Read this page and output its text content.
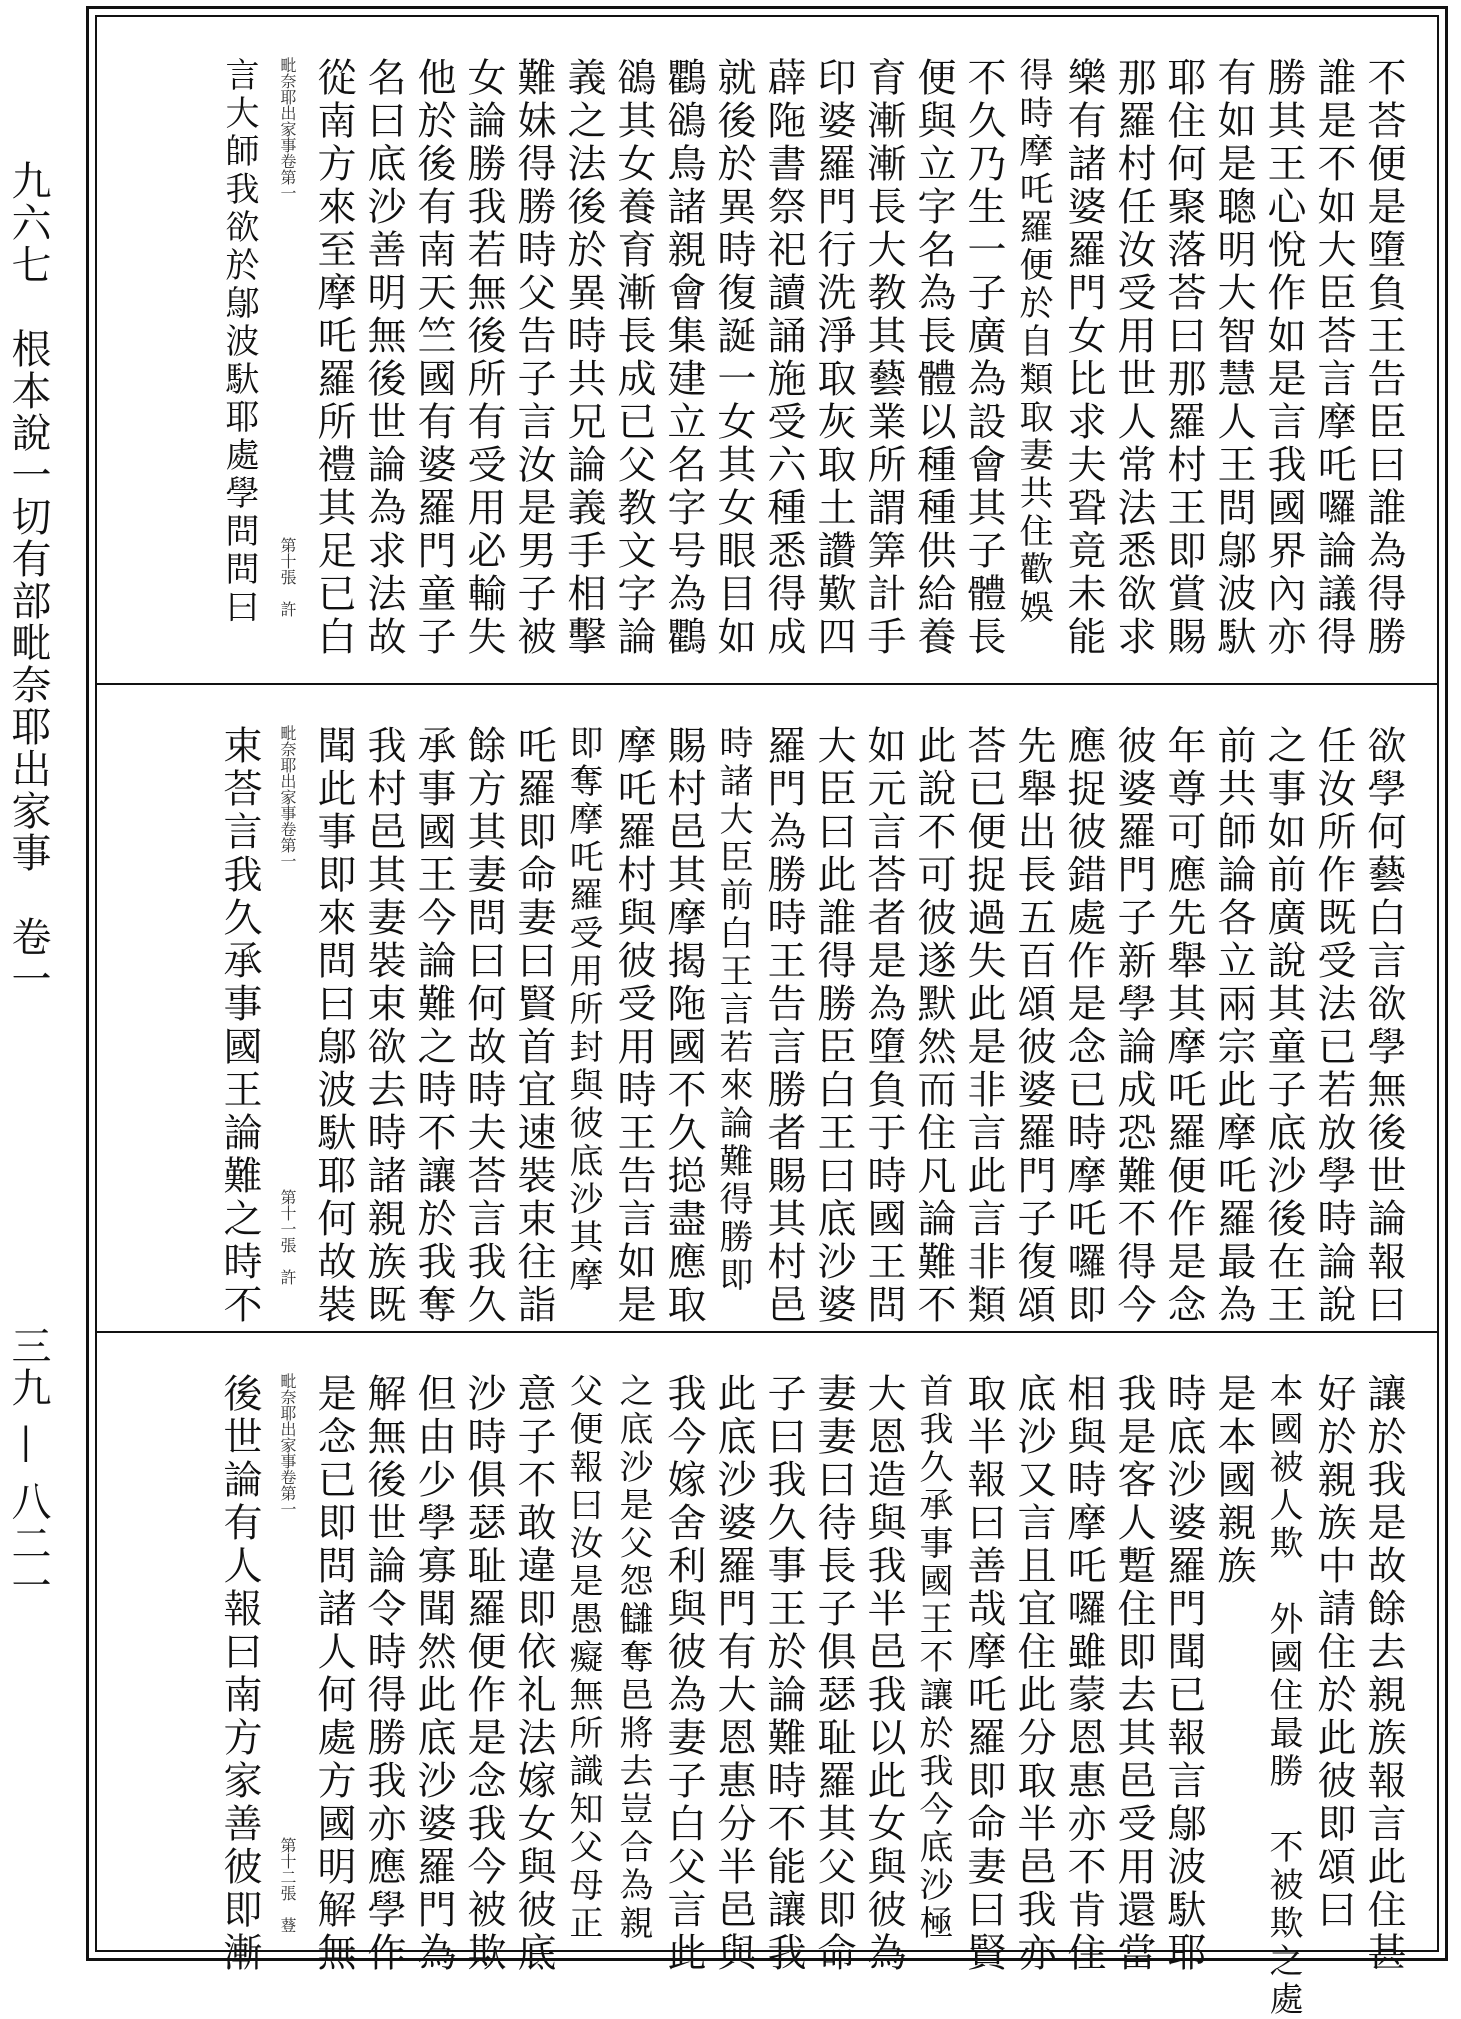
九六七　根本說一切有部毗奈耶出家事　卷一
三九 — 八二一
不荅便是墮負王告臣曰誰為得勝
誰是不如大臣荅言摩吒囉論議得
勝其王心悅作如是言我國界內亦
有如是聰明大智慧人王問鄔波馱
耶住何聚落荅曰那羅村王即賞賜
那羅村任汝受用世人常法悉欲求
樂有諸婆羅門女比求夫聓竟未能
得時摩吒羅便於自類取妻共住歡娛
不久乃生一子廣為設會其子體長
便與立字名為長體以種種供給養
育漸漸長大教其藝業所謂筭計手
印婆羅門行洗淨取灰取土讚歎四
薜陁書祭祀讀誦施受六種悉得成
就後於異時復誕一女其女眼目如
鸜鵒鳥諸親會集建立名字号為鸜
鵒其女養育漸長成已父教文字論
義之法後於異時共兄論義手相擊
難妹得勝時父告子言汝是男子被
女論勝我若無後所有受用必輸失
他於後有南天竺國有婆羅門童子
名曰底沙善明無後世論為求法故
從南方來至摩吒羅所禮其足已白
毗奈耶出家事卷第一
第十張　許
言大師我欲於鄔波馱耶處學問問曰
欲學何藝白言欲學無後世論報曰
任汝所作既受法已若放學時論說
之事如前廣說其童子底沙後在王
前共師論各立兩宗此摩吒羅最為
年尊可應先舉其摩吒羅便作是念
彼婆羅門子新學論成恐難不得今
應捉彼錯處作是念已時摩吒囉即
先舉出長五百頌彼婆羅門子復頌
荅已便捉過失此是非言此言非類
此說不可彼遂默然而住凡論難不
如元言荅者是為墮負于時國王問
大臣曰此誰得勝臣白王曰底沙婆
羅門為勝時王告言勝者賜其村邑
時諸大臣前白王言若來論難得勝即
賜村邑其摩揭陁國不久搃盡應取
摩吒羅村與彼受用時王告言如是
即奪摩吒羅受用所封與彼底沙其摩
吒羅即命妻曰賢首宜速裝束往詣
餘方其妻問曰何故時夫荅言我久
承事國王今論難之時不讓於我奪
我村邑其妻裝束欲去時諸親族既
聞此事即來問曰鄔波馱耶何故裝
毗奈耶出家事卷第一
第十一張　許
束荅言我久承事國王論難之時不
讓於我是故餘去親族報言此住甚
好於親族中請住於此彼即頌曰
本國被人欺　外國住最勝　不被欺之處
是本國親族
時底沙婆羅門聞已報言鄔波馱耶
我是客人蹔住即去其邑受用還當
相與時摩吒囉雖蒙恩惠亦不肯住
底沙又言且宜住此分取半邑我亦
取半報曰善哉摩吒羅即命妻曰賢
首我久承事國王不讓於我今底沙極
大恩造與我半邑我以此女與彼為
妻妻曰待長子俱瑟耻羅其父即命
子曰我久事王於論難時不能讓我
此底沙婆羅門有大恩惠分半邑與
我今嫁舍利與彼為妻子白父言此
之底沙是父怨讎奪邑將去豈合為親
父便報曰汝是愚癡無所識知父母正
意子不敢違即依礼法嫁女與彼底
沙時俱瑟耻羅便作是念我今被欺
但由少學寡聞然此底沙婆羅門為
解無後世論令時得勝我亦應學作
是念已即問諸人何處方國明解無
毗奈耶出家事卷第一
第十二張　䔲
後世論有人報曰南方家善彼即漸
